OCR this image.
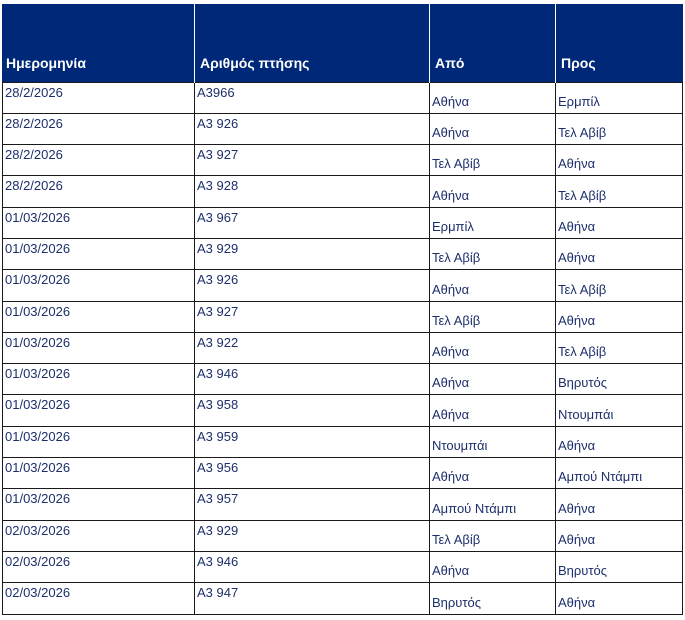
Ημερομηνία	Αριθμός πτήσης	Από	Προς
28/2/2026	A3966	Αθήνα	Ερμπίλ
28/2/2026	A3 926	Αθήνα	Τελ Αβίβ
28/2/2026	A3 927	Τελ Αβίβ	Αθήνα
28/2/2026	A3 928	Αθήνα	Τελ Αβίβ
01/03/2026	A3 967	Ερμπίλ	Αθήνα
01/03/2026	A3 929	Τελ Αβίβ	Αθήνα
01/03/2026	A3 926	Αθήνα	Τελ Αβίβ
01/03/2026	A3 927	Τελ Αβίβ	Αθήνα
01/03/2026	A3 922	Αθήνα	Τελ Αβίβ
01/03/2026	A3 946	Αθήνα	Βηρυτός
01/03/2026	A3 958	Αθήνα	Ντουμπάι
01/03/2026	A3 959	Ντουμπάι	Αθήνα
01/03/2026	A3 956	Αθήνα	Αμπού Ντάμπι
01/03/2026	A3 957	Αμπού Ντάμπι	Αθήνα
02/03/2026	A3 929	Τελ Αβίβ	Αθήνα
02/03/2026	A3 946	Αθήνα	Βηρυτός
02/03/2026	A3 947	Βηρυτός	Αθήνα
